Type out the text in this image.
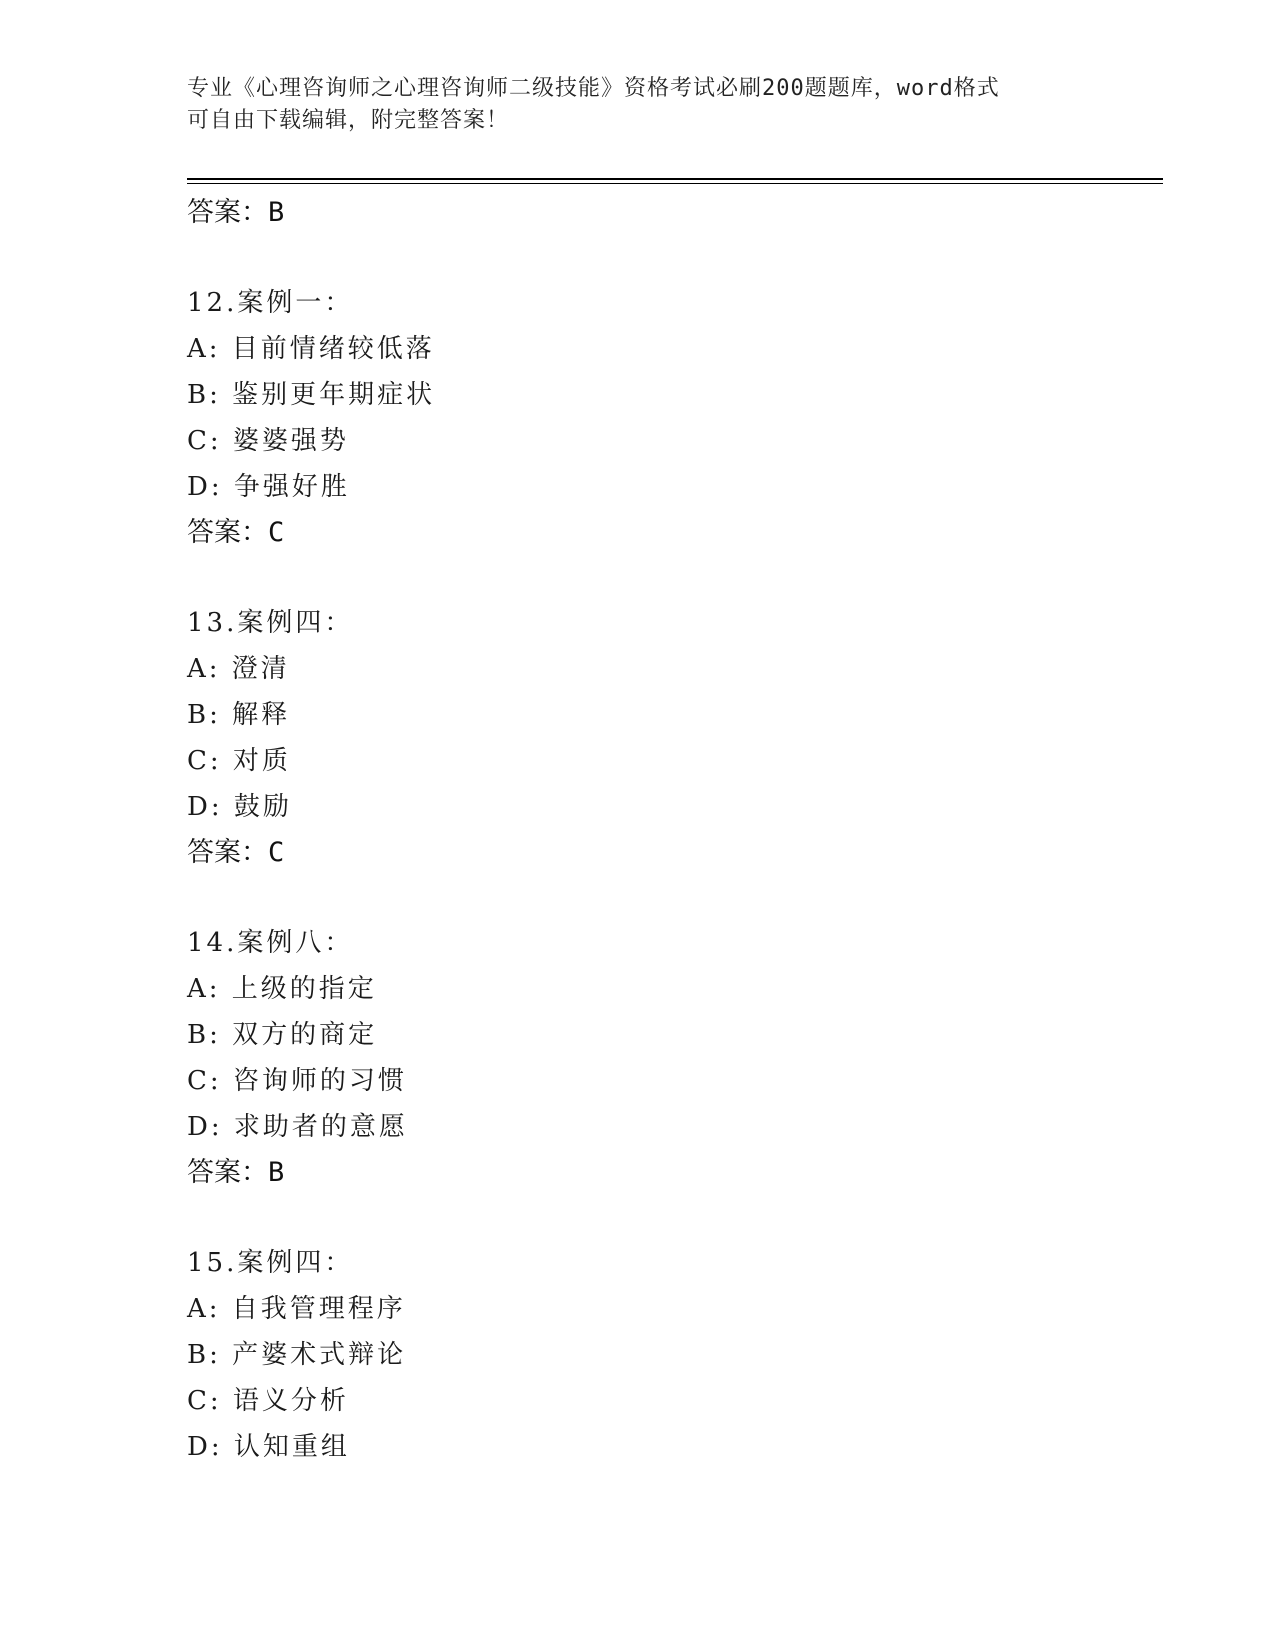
专业《心理咨询师之心理咨询师二级技能》资格考试必刷200题题库，word格式
可自由下载编辑，附完整答案！
答案：B
12.案例一：
A: 目前情绪较低落
B: 鉴别更年期症状
C: 婆婆强势
D: 争强好胜
答案：C
13.案例四：
A: 澄清
B: 解释
C: 对质
D: 鼓励
答案：C
14.案例八：
A: 上级的指定
B: 双方的商定
C: 咨询师的习惯
D: 求助者的意愿
答案：B
15.案例四：
A: 自我管理程序
B: 产婆术式辩论
C: 语义分析
D: 认知重组
